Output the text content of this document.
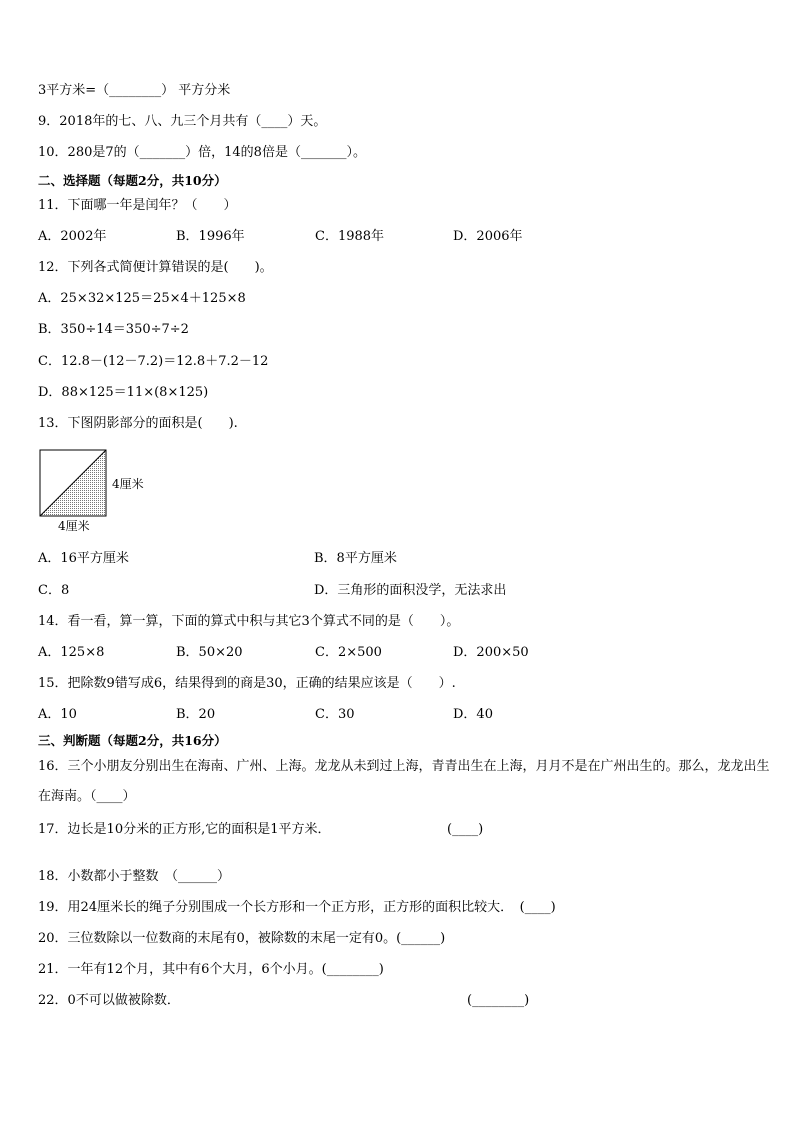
3平方米=（________） 平方分米
9．2018年的七、八、九三个月共有（____）天。
10．280是7的（_______）倍，14的8倍是（_______）。
二、选择题（每题2分，共10分）
11．下面哪一年是闰年？（　　）
A．2002年	B．1996年	C．1988年	D．2006年
12．下列各式简便计算错误的是(　　)。
A．25×32×125＝25×4＋125×8
B．350÷14＝350÷7÷2
C．12.8－(12－7.2)＝12.8＋7.2－12
D．88×125＝11×(8×125)
13．下图阴影部分的面积是(　　).
4厘米
4厘米
A．16平方厘米	B．8平方厘米
C．8	D．三角形的面积没学，无法求出
14．看一看，算一算，下面的算式中积与其它3个算式不同的是（　　）。
A．125×8	B．50×20	C．2×500	D．200×50
15．把除数9错写成6，结果得到的商是30，正确的结果应该是（　　）.
A．10	B．20	C．30	D．40
三、判断题（每题2分，共16分）
16．三个小朋友分别出生在海南、广州、上海。龙龙从未到过上海，青青出生在上海，月月不是在广州出生的。那么，龙龙出生在海南。（____）
17．边长是10分米的正方形,它的面积是1平方米．	(____)
18．小数都小于整数　（______）
19．用24厘米长的绳子分别围成一个长方形和一个正方形，正方形的面积比较大．　(____)
20．三位数除以一位数商的末尾有0，被除数的末尾一定有0。(______)
21．一年有12个月，其中有6个大月，6个小月。(________)
22．0不可以做被除数．	(________)
